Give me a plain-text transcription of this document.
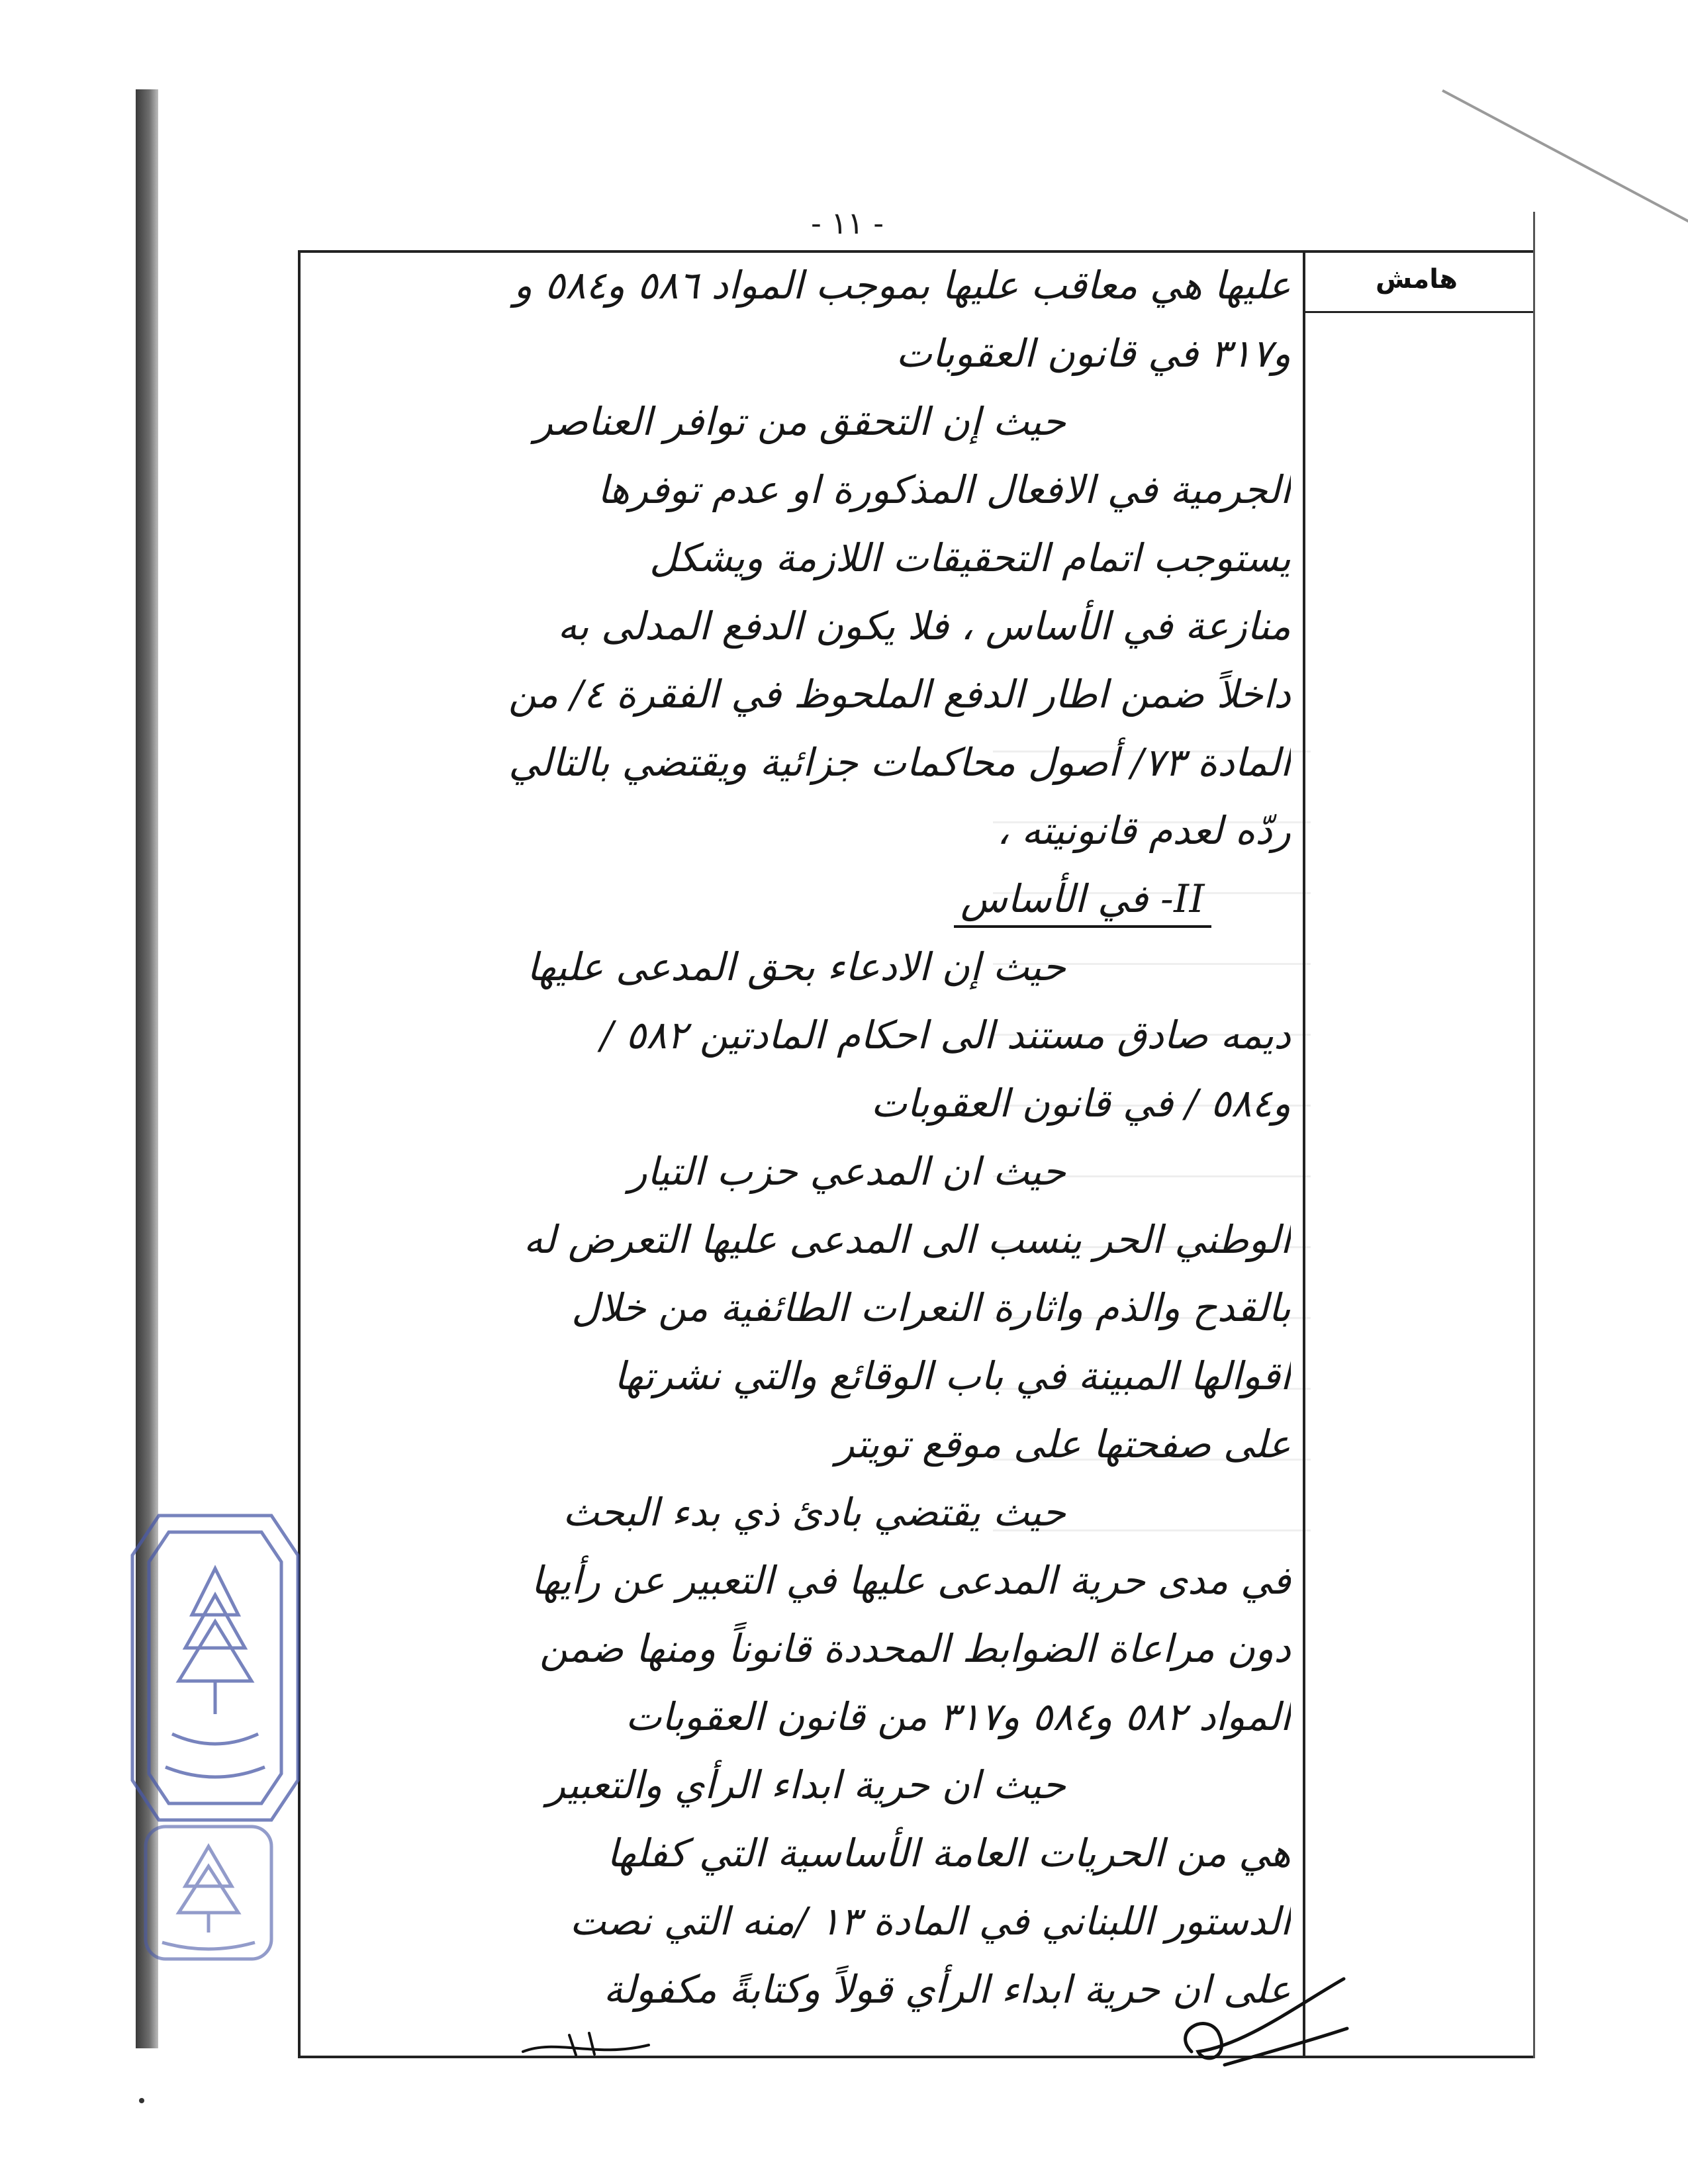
هامش
- ١١ -
عليها هي معاقب عليها بموجب المواد ٥٨٦ و٥٨٤ و
و٣١٧ في قانون العقوبات
حيث إن التحقق من توافر العناصر
الجرمية في الافعال المذكورة او عدم توفرها
يستوجب اتمام التحقيقات اللازمة ويشكل
منازعة في الأساس ، فلا يكون الدفع المدلى به
داخلاً ضمن اطار الدفع الملحوظ في الفقرة ٤/ من
المادة ٧٣/ أصول محاكمات جزائية ويقتضي بالتالي
ردّه لعدم قانونيته ،
II- في الأساس
حيث إن الادعاء بحق المدعى عليها
ديمه صادق مستند الى احكام المادتين ٥٨٢ /
و٥٨٤ / في قانون العقوبات
حيث ان المدعي حزب التيار
الوطني الحر ينسب الى المدعى عليها التعرض له
بالقدح والذم واثارة النعرات الطائفية من خلال
اقوالها المبينة في باب الوقائع والتي نشرتها
على صفحتها على موقع تويتر
حيث يقتضي بادئ ذي بدء البحث
في مدى حرية المدعى عليها في التعبير عن رأيها
دون مراعاة الضوابط المحددة قانوناً ومنها ضمن
المواد ٥٨٢ و٥٨٤ و٣١٧ من قانون العقوبات
حيث ان حرية ابداء الرأي والتعبير
هي من الحريات العامة الأساسية التي كفلها
الدستور اللبناني في المادة ١٣ /منه التي نصت
على ان حرية ابداء الرأي قولاً وكتابةً مكفولة
